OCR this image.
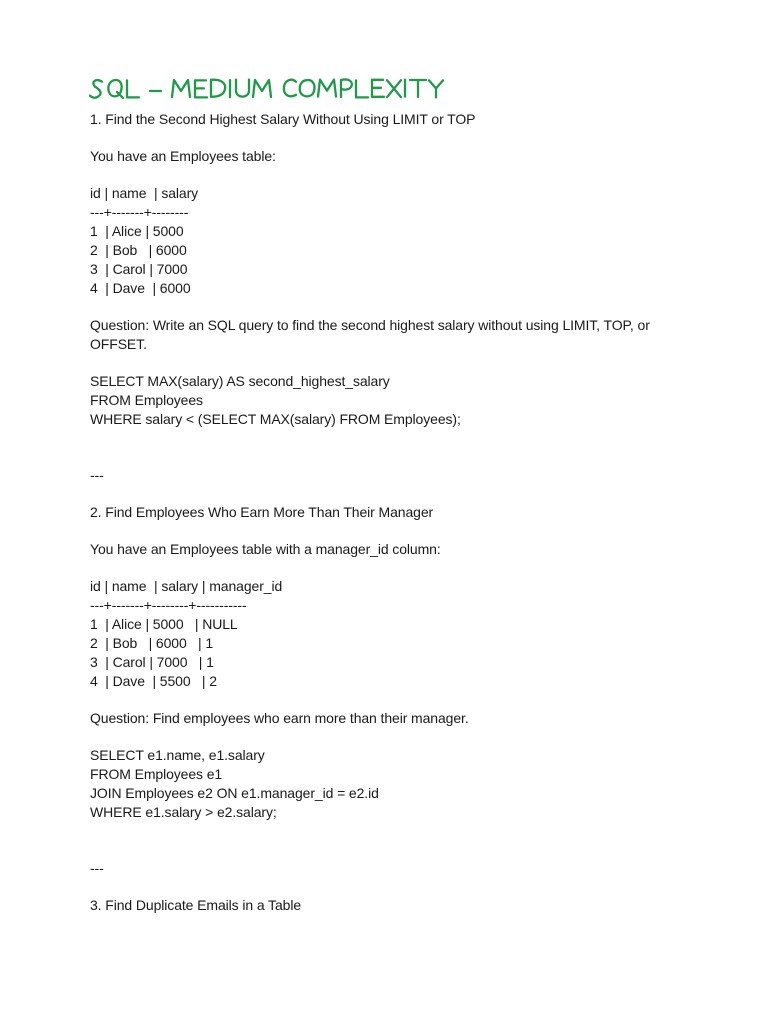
1. Find the Second Highest Salary Without Using LIMIT or TOP
You have an Employees table:
id | name  | salary
---+-------+--------
1  | Alice | 5000
2  | Bob   | 6000
3  | Carol | 7000
4  | Dave  | 6000
Question: Write an SQL query to find the second highest salary without using LIMIT, TOP, or OFFSET.
SELECT MAX(salary) AS second_highest_salary
FROM Employees
WHERE salary < (SELECT MAX(salary) FROM Employees);
---
2. Find Employees Who Earn More Than Their Manager
You have an Employees table with a manager_id column:
id | name  | salary | manager_id
---+-------+--------+-----------
1  | Alice | 5000   | NULL
2  | Bob   | 6000   | 1
3  | Carol | 7000   | 1
4  | Dave  | 5500   | 2
Question: Find employees who earn more than their manager.
SELECT e1.name, e1.salary
FROM Employees e1
JOIN Employees e2 ON e1.manager_id = e2.id
WHERE e1.salary > e2.salary;
---
3. Find Duplicate Emails in a Table
